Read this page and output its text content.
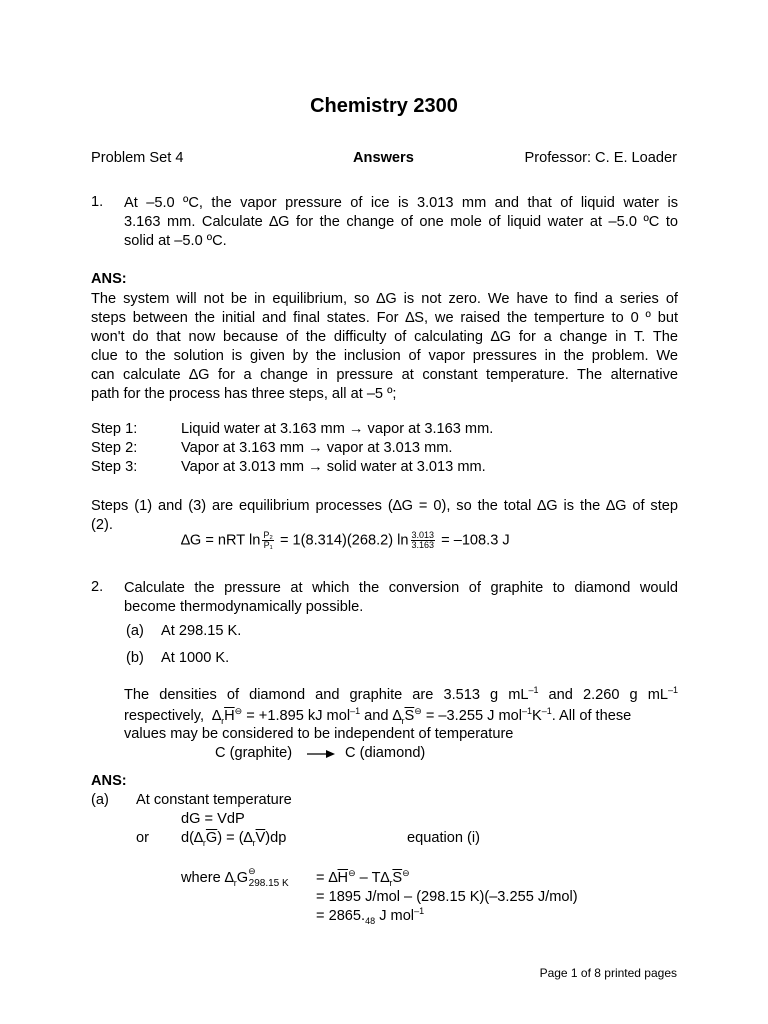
Chemistry 2300
Problem Set 4	Answers	Professor: C. E. Loader
1. At –5.0 ºC, the vapor pressure of ice is 3.013 mm and that of liquid water is
3.163 mm. Calculate ∆G for the change of one mole of liquid water at –5.0 ºC to
solid at –5.0 ºC.
ANS:
The system will not be in equilibrium, so ∆G is not zero. We have to find a series of
steps between the initial and final states. For ∆S, we raised the temperture to 0 º but
won't do that now because of the difficulty of calculating ∆G for a change in T. The
clue to the solution is given by the inclusion of vapor pressures in the problem. We
can calculate ∆G for a change in pressure at constant temperature. The alternative
path for the process has three steps, all at –5 º;
Step 1:	Liquid water at 3.163 mm → vapor at 3.163 mm.
Step 2:	Vapor at 3.163 mm → vapor at 3.013 mm.
Step 3:	Vapor at 3.013 mm → solid water at 3.013 mm.
Steps (1) and (3) are equilibrium processes (∆G = 0), so the total ∆G is the ∆G of step
(2).
∆G = nRT $\ln \frac{\text{P₂}}{\text{P₁}} = 1(8.314)(268.2)$ $\ln \frac{3.013}{3.163} = -108.3$ J
2. Calculate the pressure at which the conversion of graphite to diamond would
become thermodynamically possible.
(a) At 298.15 K.
(b) At 1000 K.
The densities of diamond and graphite are 3.513 g $mL^{-1}$ and 2.260 g $mL^{-1}$
respectively,  $\Delta_r\overline{H}^⊖ = +1.895$ kJ mol$^{-1}$ and $\Delta_r\overline{S}^⊖ = -3.255$ J $mol^{-1}K^{-1}$. All of these
values may be considered to be independent of temperature
C (graphite) → C (diamond)
ANS:
(a) At constant temperature
dG = VdP
or $d(\Delta_r\overline{G}) = (\Delta_r\overline{V})dp$	equation (i)
where $\Delta_rG^⊖_{298.15 K}$	= $\Delta\overline{H}^⊖ - T\Delta_r\overline{S}^⊖$
= 1895 J/mol – (298.15 K)(–3.255 J/mol)
= $2865._{48}$ J mol$^{-1}$
Page 1 of 8 printed pages
